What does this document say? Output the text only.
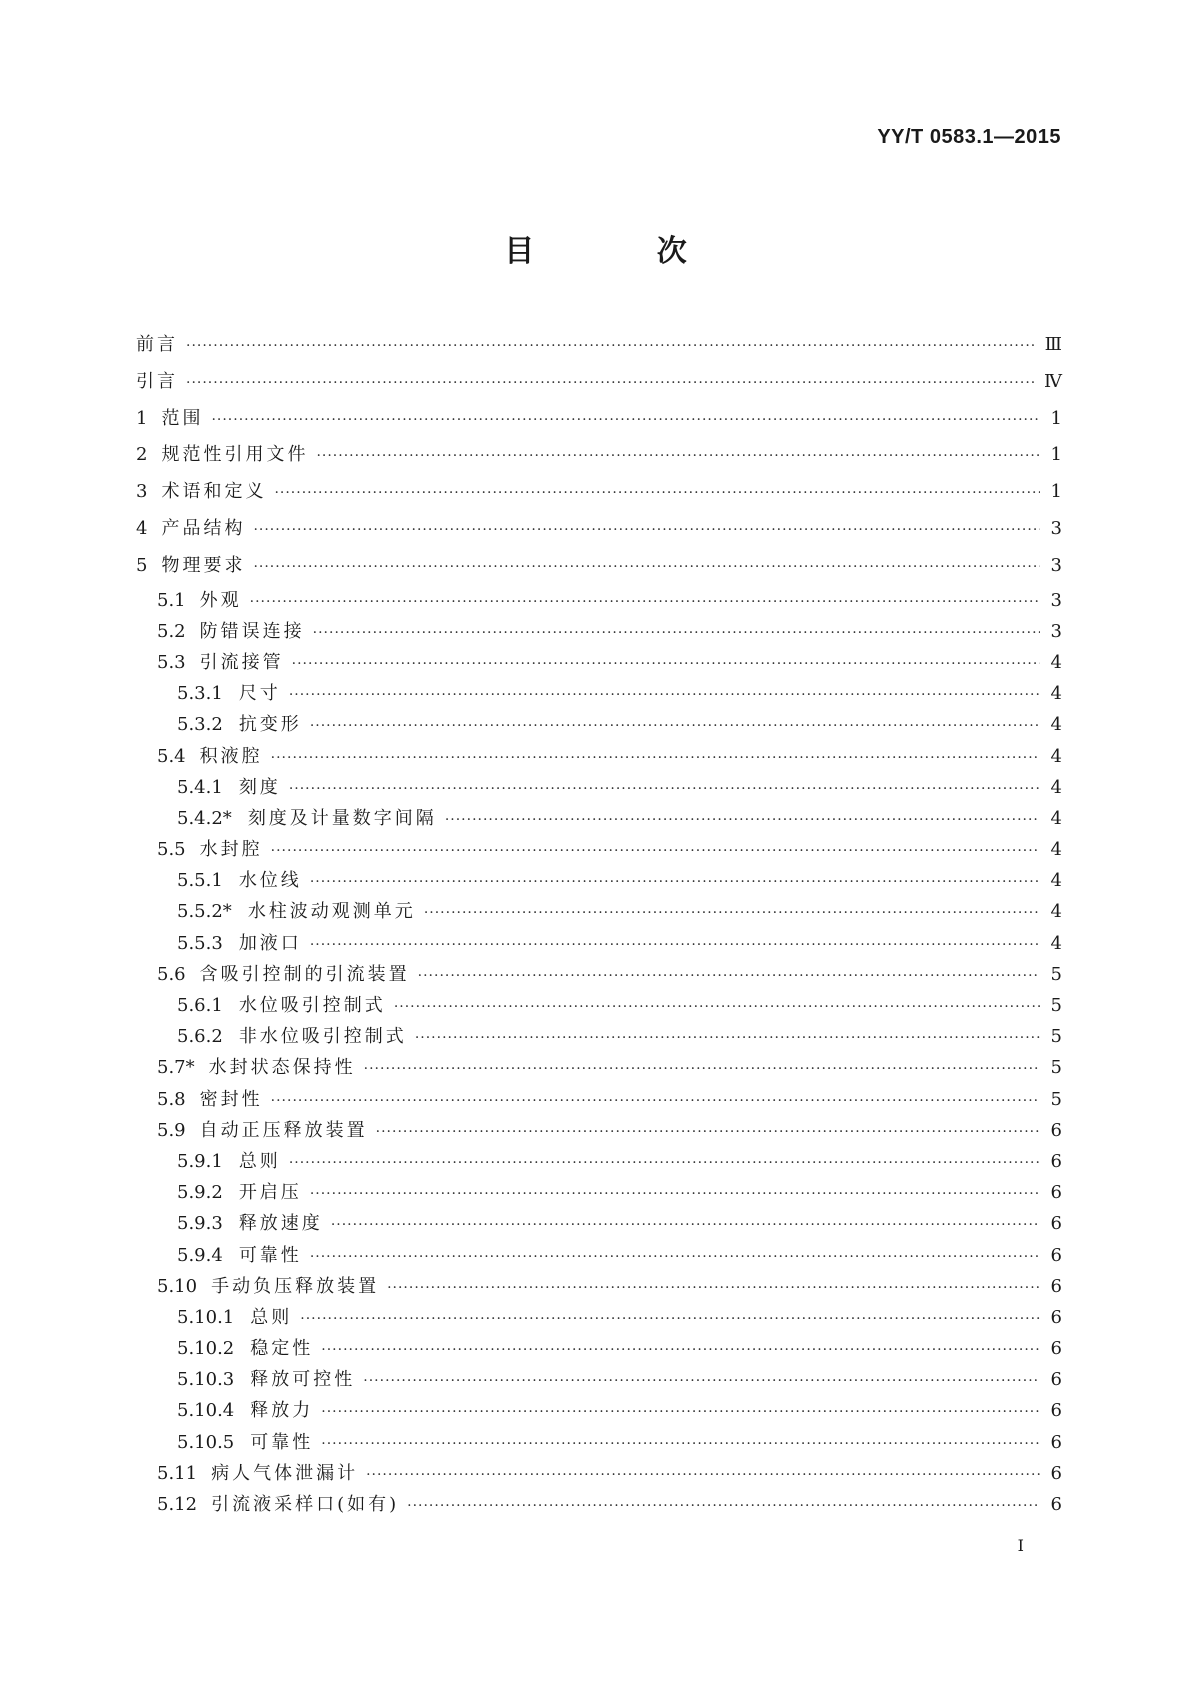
YY/T 0583.1—2015
目 次
前言 ·····	Ⅲ
引言 ·····	Ⅳ
1 范围 ·····	1
2 规范性引用文件 ·····	1
3 术语和定义 ·····	1
4 产品结构 ·····	3
5 物理要求 ·····	3
5.1 外观 ·····	3
5.2 防错误连接 ·····	3
5.3 引流接管 ·····	4
5.3.1 尺寸 ·····	4
5.3.2 抗变形 ·····	4
5.4 积液腔 ·····	4
5.4.1 刻度 ·····	4
5.4.2* 刻度及计量数字间隔 ·····	4
5.5 水封腔 ·····	4
5.5.1 水位线 ·····	4
5.5.2* 水柱波动观测单元 ·····	4
5.5.3 加液口 ·····	4
5.6 含吸引控制的引流装置 ·····	5
5.6.1 水位吸引控制式 ·····	5
5.6.2 非水位吸引控制式 ·····	5
5.7* 水封状态保持性 ·····	5
5.8 密封性 ·····	5
5.9 自动正压释放装置 ·····	6
5.9.1 总则 ·····	6
5.9.2 开启压 ·····	6
5.9.3 释放速度 ·····	6
5.9.4 可靠性 ·····	6
5.10 手动负压释放装置 ·····	6
5.10.1 总则 ·····	6
5.10.2 稳定性 ·····	6
5.10.3 释放可控性 ·····	6
5.10.4 释放力 ·····	6
5.10.5 可靠性 ·····	6
5.11 病人气体泄漏计 ·····	6
5.12 引流液采样口(如有) ·····	6
I
